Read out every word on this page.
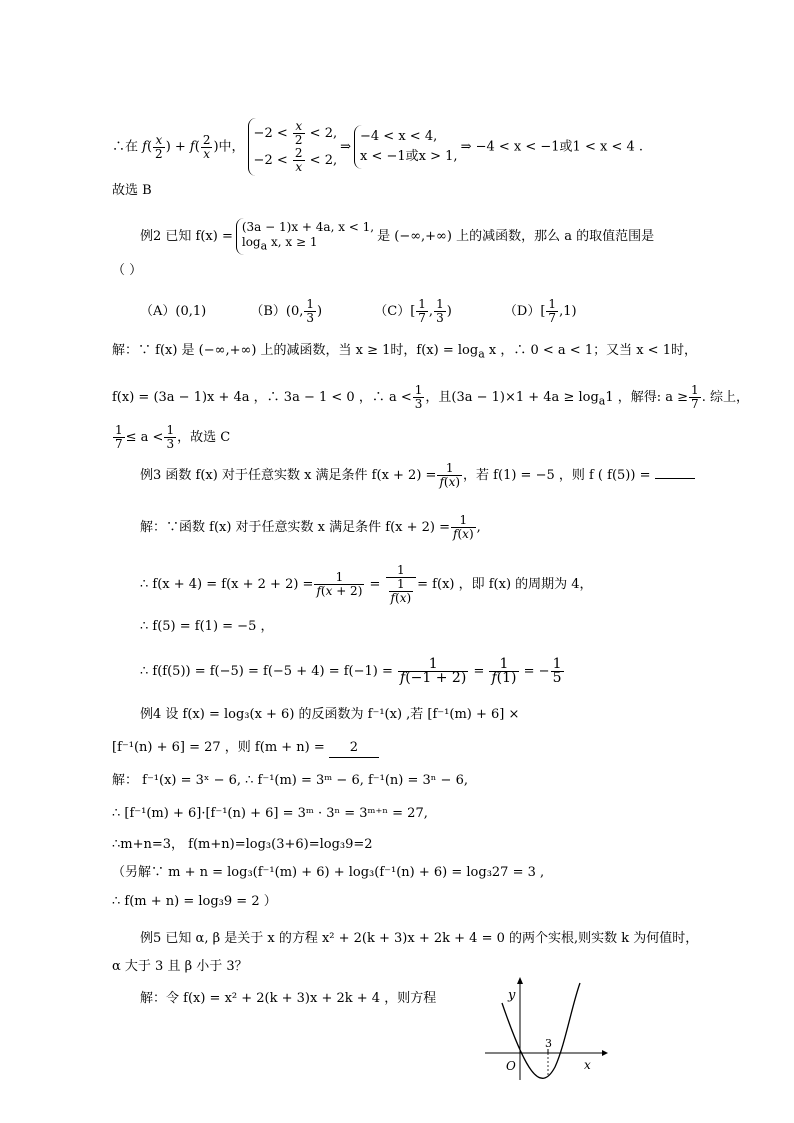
∴在 $f( \frac{x}{2}$ ) + $f( \frac{2}{x}$ )中，
$-2 < \frac{x}{2} < 2$,
$-2 < \frac{2}{x} < 2$,
⇒
−4 < x < 4,
x < −1或x > 1,
⇒ −4 < x < −1或1 < x < 4 .
故选 B
例2 已知 f(x) =
(3a − 1)x + 4a, x < 1,
$\log_a x$, x ≥ 1	是 (−∞,+∞) 上的减函数，那么 a 的取值范围是
（ ）
（A）(0,1)	（B）(0, $\frac{1}{3}$ )	$(C)[ \frac{1}{7}$ , $\frac{1}{3}$ )	$(D)[ \frac{1}{7} ,1)$
解：∵ f(x) 是 (−∞,+∞) 上的减函数，当 x ≥ 1时，$f(x) = \log_a x$ ，∴ 0 < a < 1；又当 x < 1时，
f(x) = (3a − 1)x + 4a ，∴ 3a − 1 < 0 ，∴ $a < \frac{1}{3}$ ，且$(3a - 1)\times 1 + 4a \ge \log_a1$ ，解得: $a \ge \frac{1}{7}$ . 综上，
$\frac{1}{7} \le a < \frac{1}{3}$ ，故选 C
例3 函数 f(x) 对于任意实数 x 满足条件 $f(x + 2) = \frac{1}{f(x)}$ ，若 f(1) = −5 ，则 f ( f(5)) =
解：∵函数 f(x) 对于任意实数 x 满足条件 $f(x + 2) = \frac{1}{f(x)}$ ,
∴ $f(x + 4) = f(x + 2 + 2) = \frac{1}{f(x + 2)} = \frac{1}{\frac{1}{f(x)}} = f(x)$ ，即 f(x) 的周期为 4，
∴ f(5) = f(1) = −5 ，
∴ $f(f(5)) = f(-5) = f(-5 + 4) = f(-1) = \frac{1}{f(-1 + 2)} = \frac{1}{f(1)}$ = − $\frac{1}{5}$
例4 设 f(x) = log₃(x + 6) 的反函数为 f⁻¹(x) ,若 [f⁻¹(m) + 6] ×
[f⁻¹(n) + 6] = 27 ，则 f(m + n) = 2
解： f⁻¹(x) = 3ˣ − 6, ∴ f⁻¹(m) = 3ᵐ − 6, f⁻¹(n) = 3ⁿ − 6,
∴ [f⁻¹(m) + 6]·[f⁻¹(n) + 6] = 3ᵐ · 3ⁿ = 3ᵐ⁺ⁿ = 27,
∴m+n=3， f(m+n)=log₃(3+6)=log₃9=2
（另解∵ m + n = log₃(f⁻¹(m) + 6) + log₃(f⁻¹(n) + 6) = log₃27 = 3 ,
∴ f(m + n) = log₃9 = 2 ）
例5 已知 α, β 是关于 x 的方程 x² + 2(k + 3)x + 2k + 4 = 0 的两个实根,则实数 k 为何值时，
α 大于 3 且 β 小于 3？
解：令 f(x) = x² + 2(k + 3)x + 2k + 4 ，则方程	y
x
O
3
